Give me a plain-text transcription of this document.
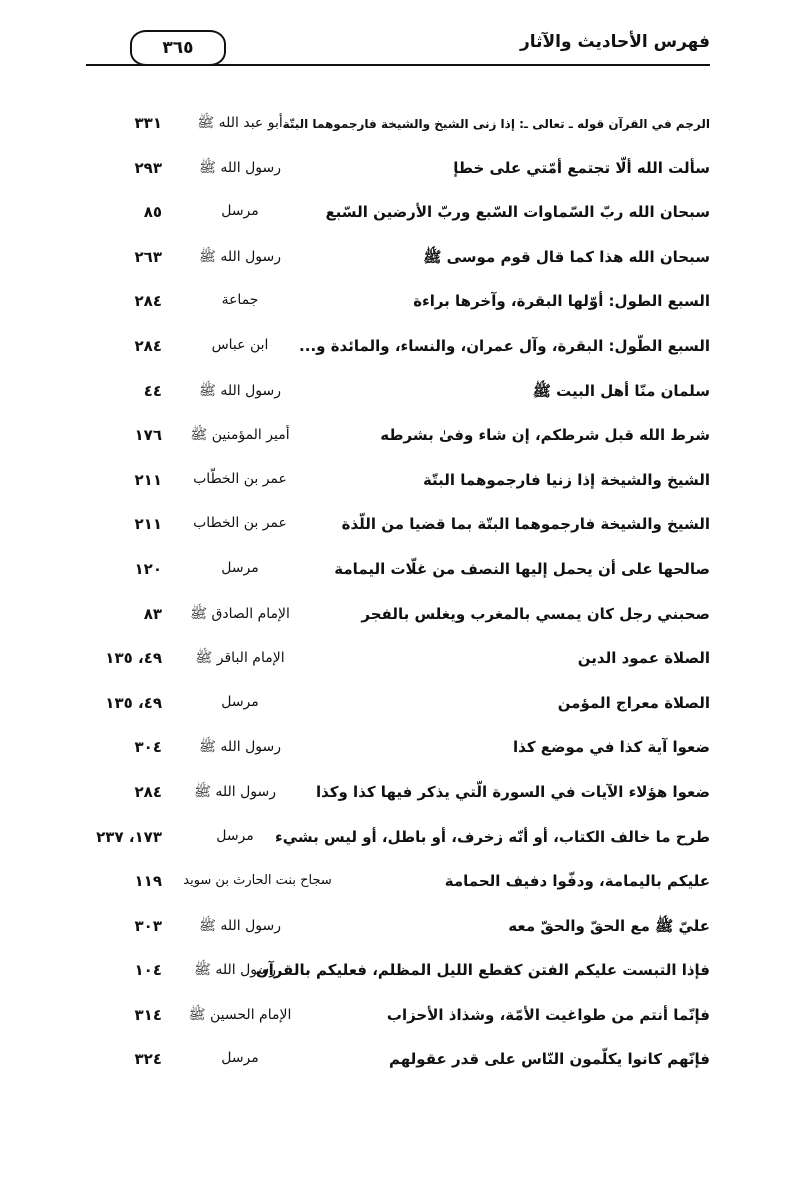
فهرس الأحاديث والآثار
٣٦٥
الرجم في القرآن قوله ـ تعالى ـ: إذا زنى الشيخ والشيخة فارجموهما البتّة
أبو عبد الله ﷺ
٣٣١
سألت الله ألّا تجتمع أمّتي على خطإ
رسول الله ﷺ
٢٩٣
سبحان الله ربّ السّماوات السّبع وربّ الأرضين السّبع
مرسل
٨٥
سبحان الله هذا كما قال قوم موسى ﷺ
رسول الله ﷺ
٢٦٣
السبع الطول: أوّلها البقرة، وآخرها براءة
جماعة
٢٨٤
السبع الطّول: البقرة، وآل عمران، والنساء، والمائدة و...
ابن عباس
٢٨٤
سلمان منّا أهل البيت ﷺ
رسول الله ﷺ
٤٤
شرط الله قبل شرطكم، إن شاء وفىٰ بشرطه
أمير المؤمنين ﷺ
١٧٦
الشيخ والشيخة إذا زنيا فارجموهما البتّة
عمر بن الخطّاب
٢١١
الشيخ والشيخة فارجموهما البتّة بما قضيا من اللّذة
عمر بن الخطاب
٢١١
صالحها على أن يحمل إليها النصف من غلّات اليمامة
مرسل
١٢٠
صحبني رجل كان يمسي بالمغرب ويغلس بالفجر
الإمام الصادق ﷺ
٨٣
الصلاة عمود الدين
الإمام الباقر ﷺ
٤٩، ١٣٥
الصلاة معراج المؤمن
مرسل
٤٩، ١٣٥
ضعوا آية كذا في موضع كذا
رسول الله ﷺ
٣٠٤
ضعوا هؤلاء الآيات في السورة الّتي يذكر فيها كذا وكذا
رسول الله ﷺ
٢٨٤
طرح ما خالف الكتاب، أو أنّه زخرف، أو باطل، أو ليس بشيء
مرسل
١٧٣، ٢٣٧
عليكم باليمامة، ودفّوا دفيف الحمامة
سجاح بنت الحارث بن سويد
١١٩
عليّ ﷺ مع الحقّ والحقّ معه
رسول الله ﷺ
٣٠٣
فإذا التبست عليكم الفتن كقطع الليل المظلم، فعليكم بالقرآن
رسول الله ﷺ
١٠٤
فإنّما أنتم من طواغيت الأمّة، وشذاذ الأحزاب
الإمام الحسين ﷺ
٣١٤
فإنّهم كانوا يكلّمون النّاس على قدر عقولهم
مرسل
٣٢٤
